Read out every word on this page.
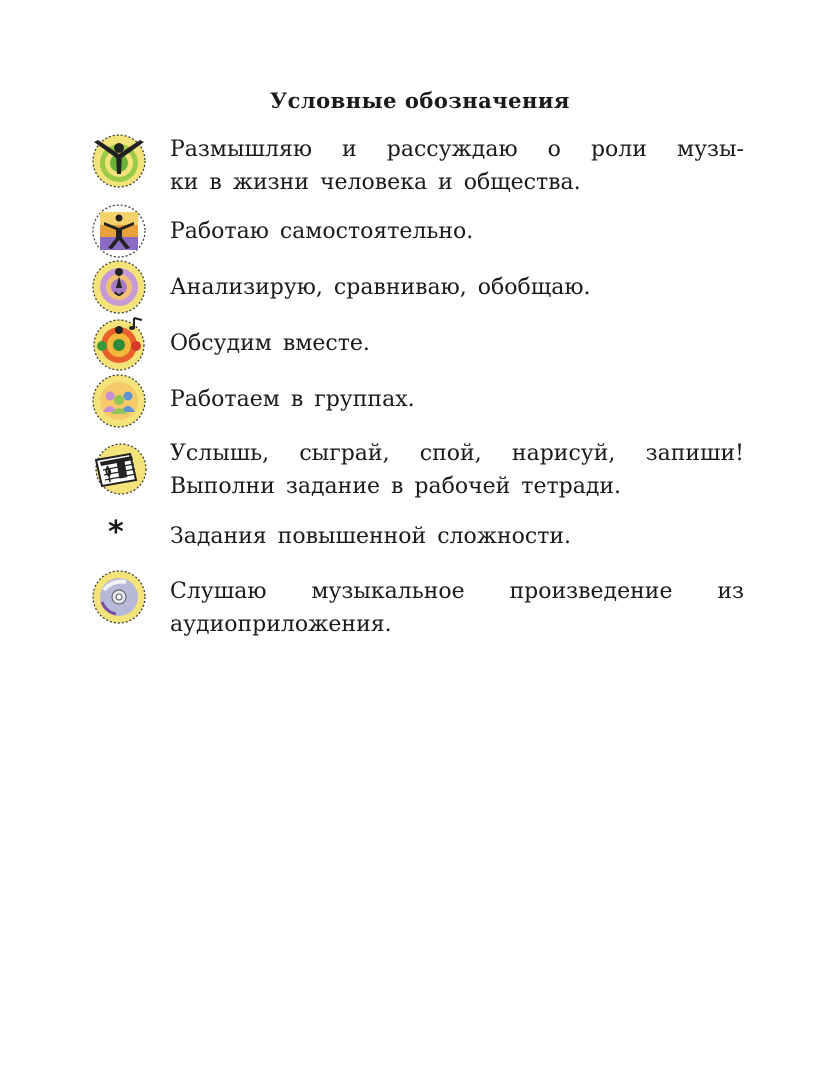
Условные обозначения
Размышляю и рассуждаю о роли музы-
ки в жизни человека и общества.
Работаю самостоятельно.
Анализирую, сравниваю, обобщаю.
Обсудим вместе.
Работаем в группах.
Услышь, сыграй, спой, нарисуй, запиши!
Выполни задание в рабочей тетради.
* Задания повышенной сложности.
Слушаю музыкальное произведение из
аудиоприложения.
